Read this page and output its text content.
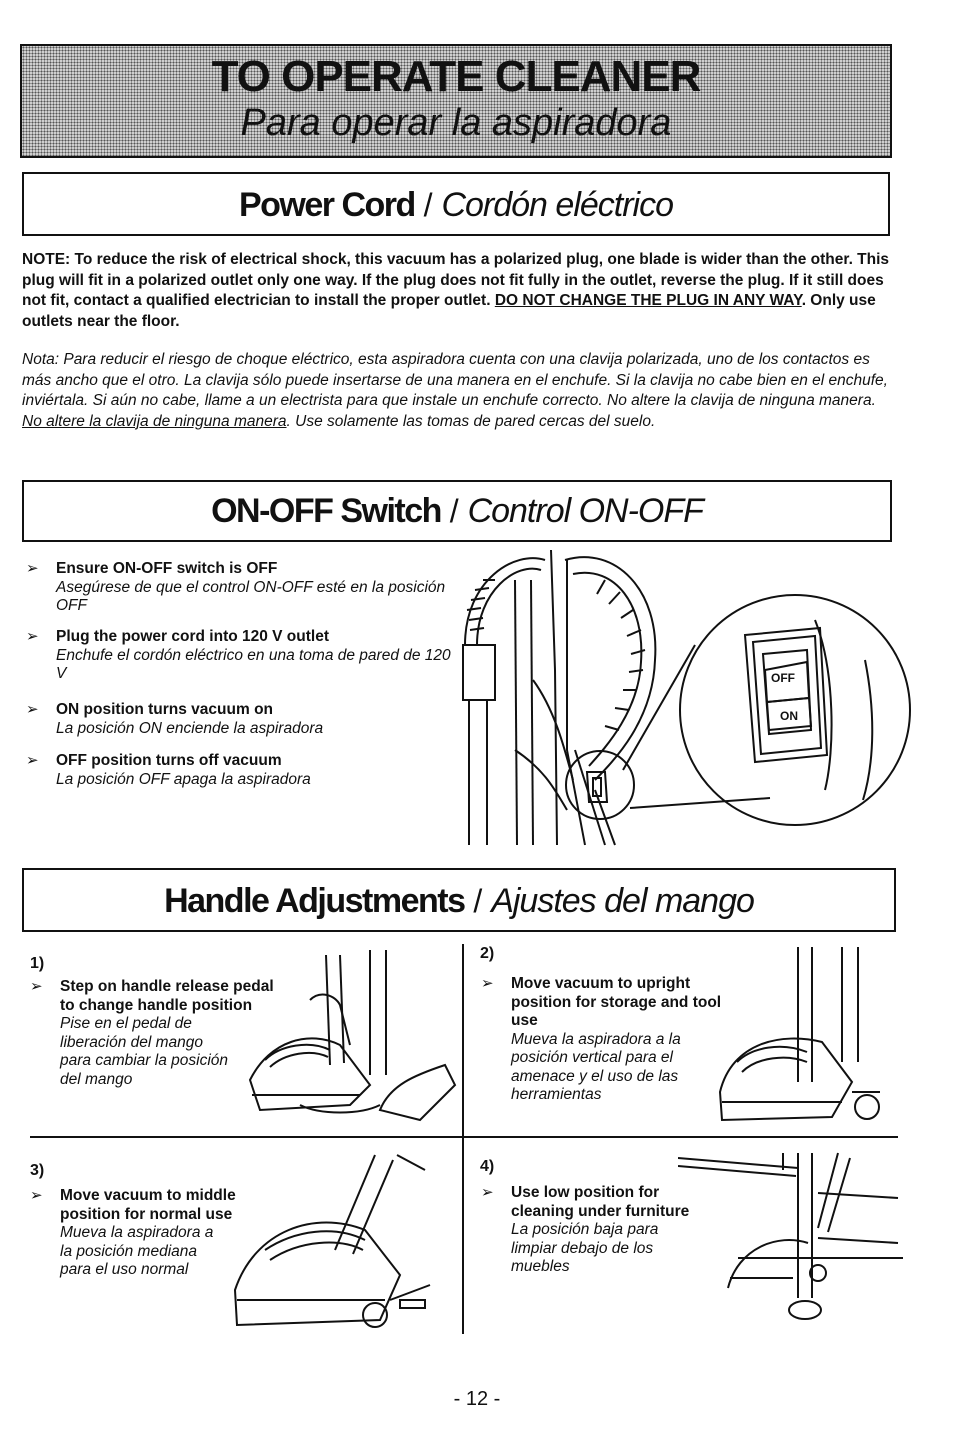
TO OPERATE CLEANER
Para operar la aspiradora
Power Cord / Cordón eléctrico
NOTE: To reduce the risk of electrical shock, this vacuum has a polarized plug, one blade is wider than the other. This plug will fit in a polarized outlet only one way. If the plug does not fit fully in the outlet, reverse the plug. If it still does not fit, contact a qualified electrician to install the proper outlet. DO NOT CHANGE THE PLUG IN ANY WAY. Only use outlets near the floor.
Nota: Para reducir el riesgo de choque eléctrico, esta aspiradora cuenta con una clavija polarizada, uno de los contactos es más ancho que el otro. La clavija sólo puede insertarse de una manera en el enchufe. Si la clavija no cabe bien en el enchufe, inviértala. Si aún no cabe, llame a un electrista para que instale un enchufe correcto. No altere la clavija de ninguna manera. No altere la clavija de ninguna manera. Use solamente las tomas de pared cercas del suelo.
ON-OFF Switch / Control ON-OFF
➢ Ensure ON-OFF switch is OFF
Asegúrese de que el control ON-OFF esté en la posición OFF
➢ Plug the power cord into 120 V outlet
Enchufe el cordón eléctrico en una toma de pared de 120 V
➢ ON position turns vacuum on
La posición ON enciende la aspiradora
➢ OFF position turns off vacuum
La posición OFF apaga la aspiradora
OFF
ON
Handle Adjustments / Ajustes del mango
1)
➢ Step on handle release pedal to change handle position
Pise en el pedal de liberación del mango para cambiar la posición del mango
2)
➢ Move vacuum to upright position for storage and tool use
Mueva la aspiradora a la posición vertical para el amenace y el uso de las herramientas
3)
➢ Move vacuum to middle position for normal use
Mueva la aspiradora a la posición mediana para el uso normal
4)
➢ Use low position for cleaning under furniture
La posición baja para limpiar debajo de los muebles
- 12 -
